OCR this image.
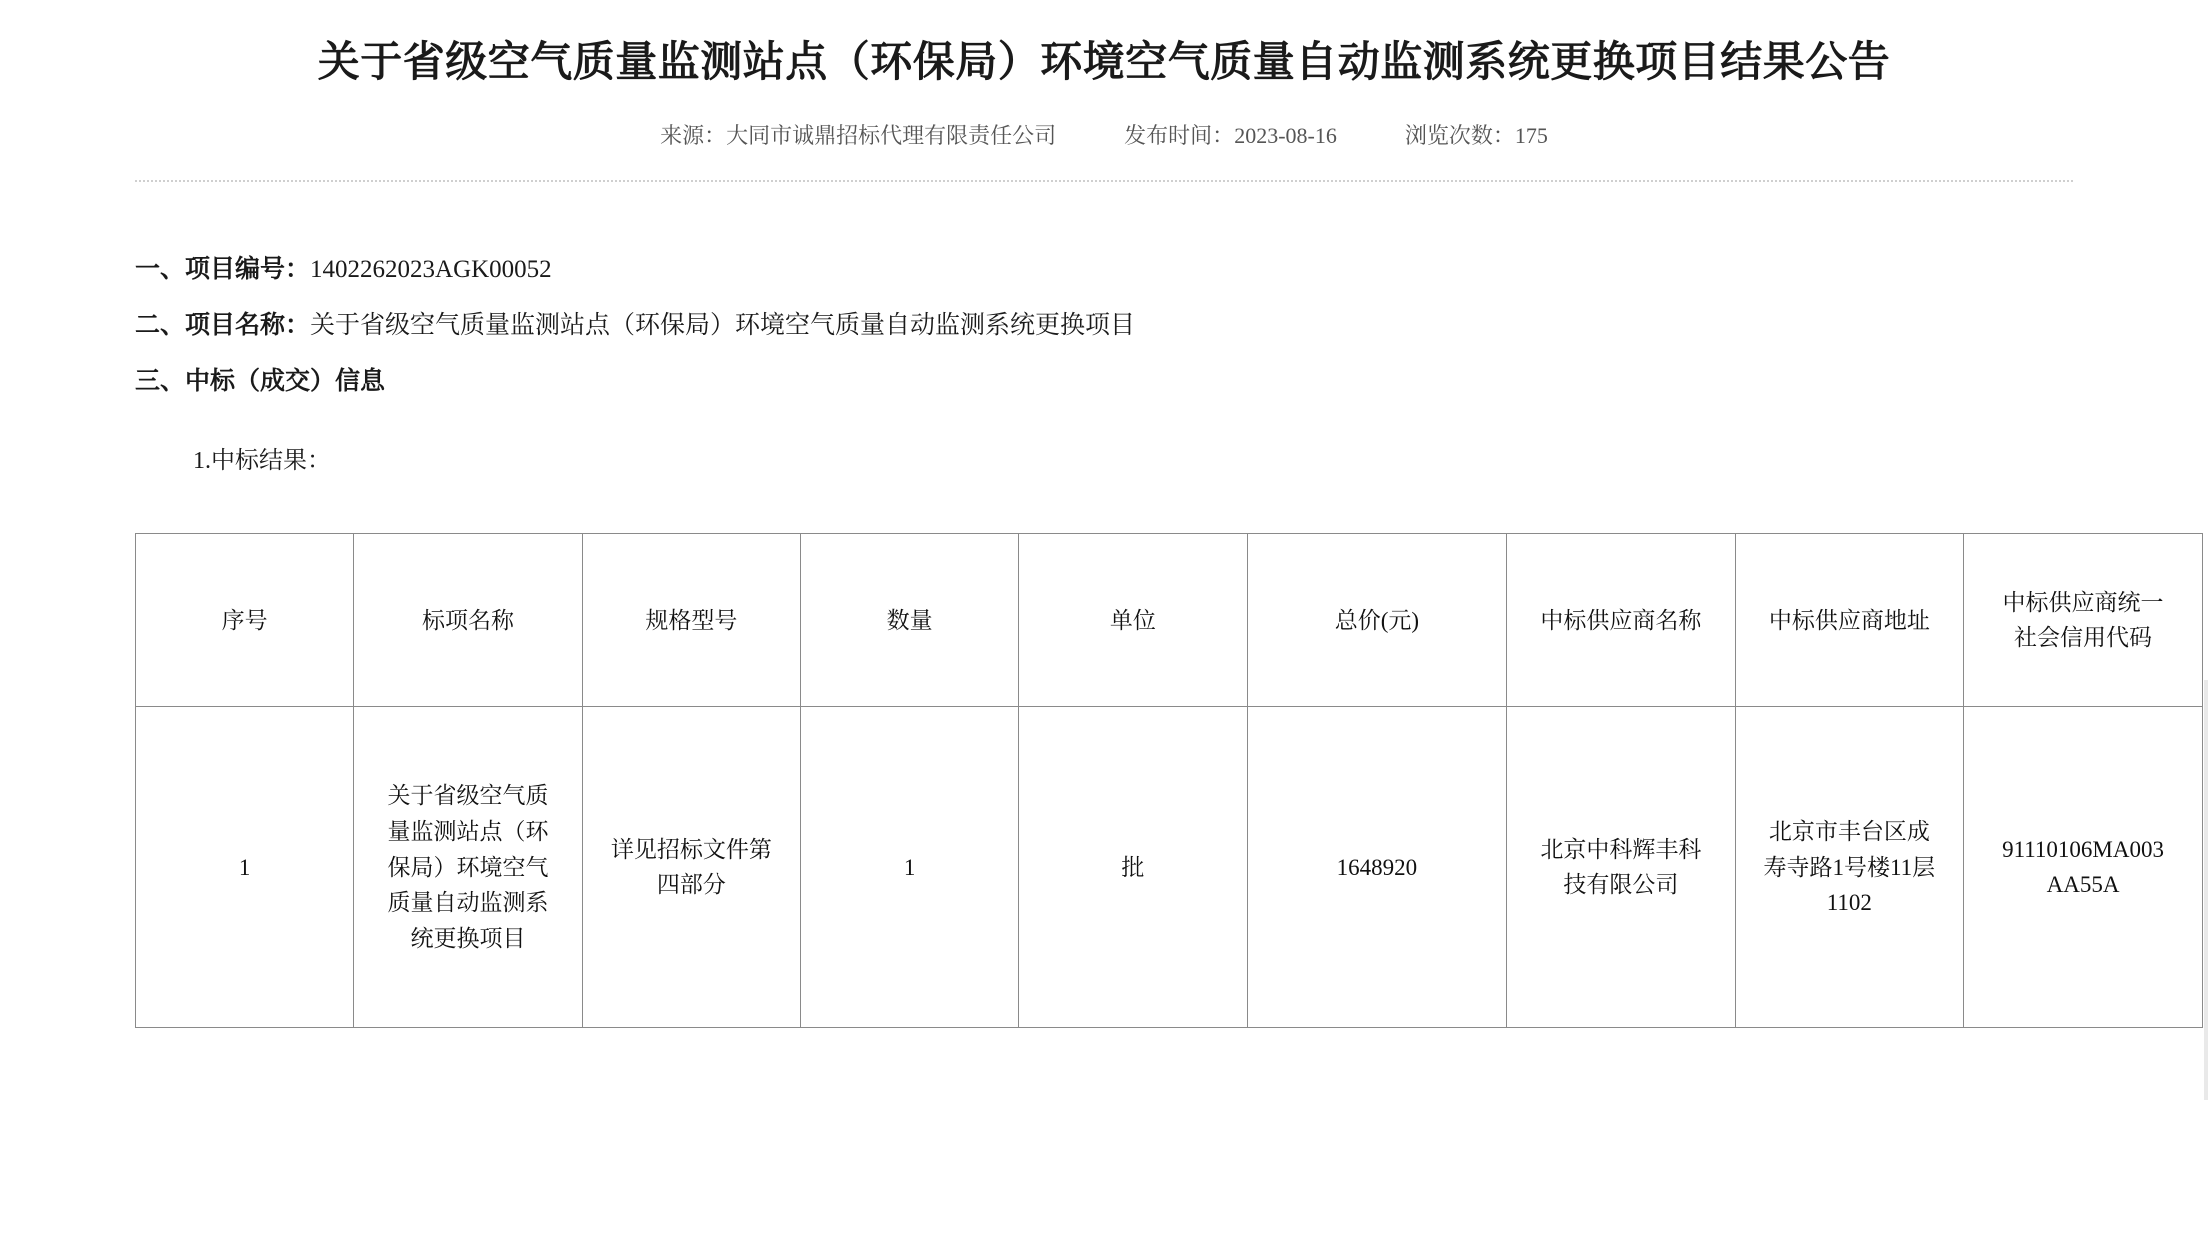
关于省级空气质量监测站点（环保局）环境空气质量自动监测系统更换项目结果公告
来源：大同市诚鼎招标代理有限责任公司	发布时间：2023-08-16	浏览次数：175
一、项目编号：1402262023AGK00052
二、项目名称：关于省级空气质量监测站点（环保局）环境空气质量自动监测系统更换项目
三、中标（成交）信息
1.中标结果：
序号	标项名称	规格型号	数量	单位	总价(元)	中标供应商名称	中标供应商地址	中标供应商统一社会信用代码

1	关于省级空气质量监测站点（环保局）环境空气质量自动监测系统更换项目	详见招标文件第四部分	1	批	1648920	北京中科辉丰科技有限公司	北京市丰台区成寿寺路1号楼11层1102	91110106MA003AA55A
